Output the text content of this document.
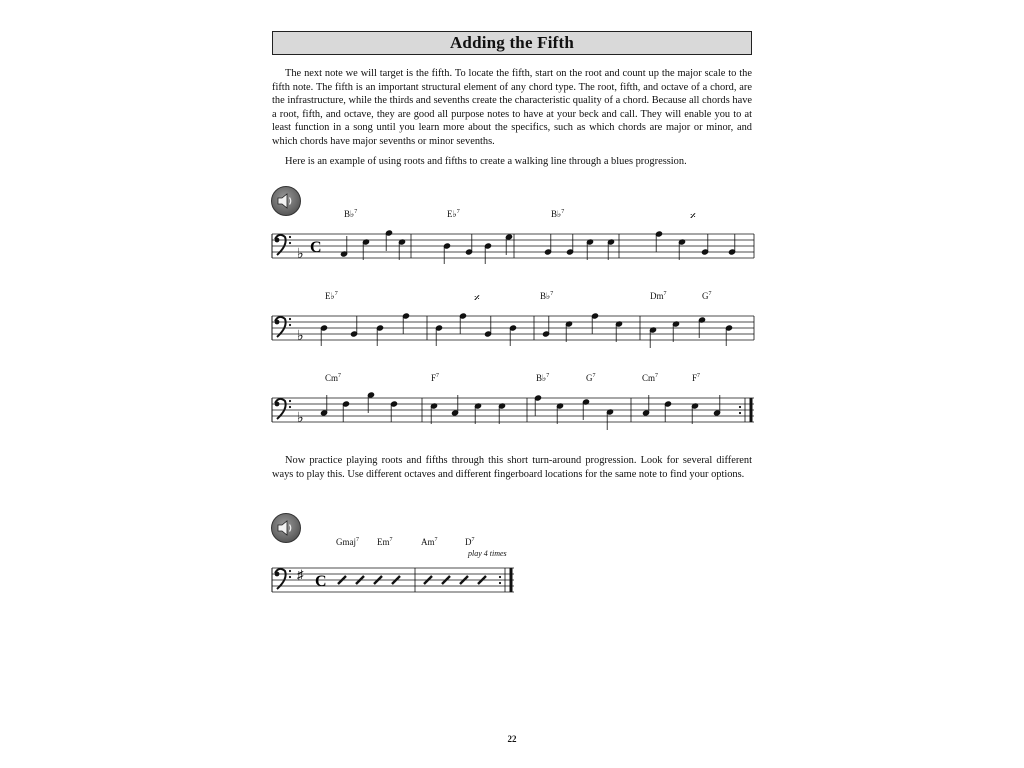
Adding the Fifth

The next note we will target is the fifth. To locate the fifth, start on the root and count up the major scale to the fifth note. The fifth is an important structural element of any chord type. The root, fifth, and octave of a chord, are the infrastructure, while the thirds and sevenths create the characteristic quality of a chord. Because all chords have a root, fifth, and octave, they are good all purpose notes to have at your beck and call. They will enable you to at least function in a song until you learn more about the specifics, such as which chords are major or minor, and which chords have major sevenths or minor sevenths.

Here is an example of using roots and fifths to create a walking line through a blues progression.

B♭$^7$	E♭$^7$	B♭$^7$	𝄎
E♭$^7$	𝄎	B♭$^7$	Dm$^7$	$G^7$
Cm$^7$	$F^7$	B♭$^7$	$G^7$	Cm$^7$	$F^7$
♭ C
♭
♭

Now practice playing roots and fifths through this short turn-around progression. Look for several different ways to play this. Use different octaves and different fingerboard locations for the same note to find your options.

Gmaj$^7$ Em$^7$	Am$^7$	$D^7$
play 4 times
♯ C
22
